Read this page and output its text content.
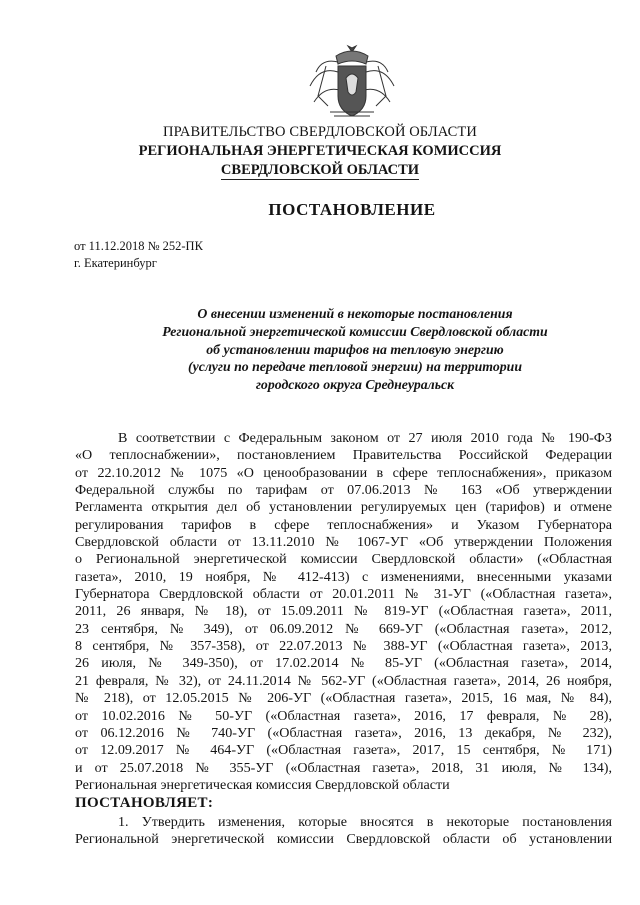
ПРАВИТЕЛЬСТВО СВЕРДЛОВСКОЙ ОБЛАСТИ
РЕГИОНАЛЬНАЯ ЭНЕРГЕТИЧЕСКАЯ КОМИССИЯ
СВЕРДЛОВСКОЙ ОБЛАСТИ
ПОСТАНОВЛЕНИЕ
от 11.12.2018 № 252-ПК
г. Екатеринбург
О внесении изменений в некоторые постановления
Региональной энергетической комиссии Свердловской области
об установлении тарифов на тепловую энергию
(услуги по передаче тепловой энергии) на территории
городского округа Среднеуральск
В соответствии с Федеральным законом от 27 июля 2010 года № 190-ФЗ
«О теплоснабжении», постановлением Правительства Российской Федерации
от 22.10.2012 № 1075 «О ценообразовании в сфере теплоснабжения», приказом
Федеральной службы по тарифам от 07.06.2013 № 163 «Об утверждении
Регламента открытия дел об установлении регулируемых цен (тарифов) и отмене
регулирования тарифов в сфере теплоснабжения» и Указом Губернатора
Свердловской области от 13.11.2010 № 1067-УГ «Об утверждении Положения
о Региональной энергетической комиссии Свердловской области» («Областная
газета», 2010, 19 ноября, № 412-413) с изменениями, внесенными указами
Губернатора Свердловской области от 20.01.2011 № 31-УГ («Областная газета»,
2011, 26 января, № 18), от 15.09.2011 № 819-УГ («Областная газета», 2011,
23 сентября, № 349), от 06.09.2012 № 669-УГ («Областная газета», 2012,
8 сентября, № 357-358), от 22.07.2013 № 388-УГ («Областная газета», 2013,
26 июля, № 349-350), от 17.02.2014 № 85-УГ («Областная газета», 2014,
21 февраля, № 32), от 24.11.2014 № 562-УГ («Областная газета», 2014, 26 ноября,
№ 218), от 12.05.2015 № 206-УГ («Областная газета», 2015, 16 мая, № 84),
от 10.02.2016 № 50-УГ («Областная газета», 2016, 17 февраля, № 28),
от 06.12.2016 № 740-УГ («Областная газета», 2016, 13 декабря, № 232),
от 12.09.2017 № 464-УГ («Областная газета», 2017, 15 сентября, № 171)
и от 25.07.2018 № 355-УГ («Областная газета», 2018, 31 июля, № 134),
Региональная энергетическая комиссия Свердловской области
ПОСТАНОВЛЯЕТ:
1. Утвердить изменения, которые вносятся в некоторые постановления
Региональной энергетической комиссии Свердловской области об установлении
